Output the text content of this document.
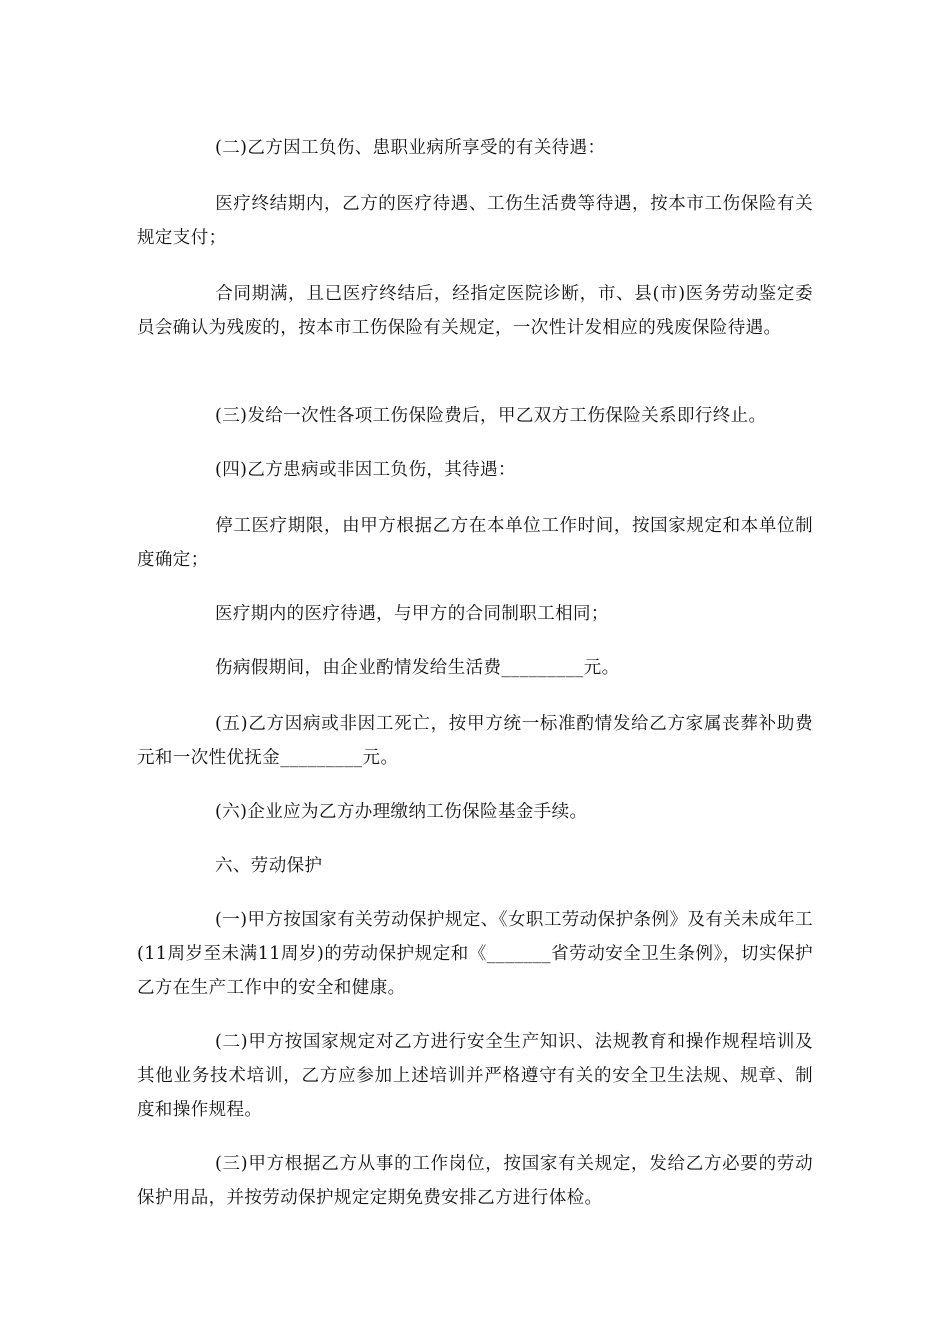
(二)乙方因工负伤、患职业病所享受的有关待遇：

医疗终结期内，乙方的医疗待遇、工伤生活费等待遇，按本市工伤保险有关规定支付；

合同期满，且已医疗终结后，经指定医院诊断，市、县(市)医务劳动鉴定委员会确认为残废的，按本市工伤保险有关规定，一次性计发相应的残废保险待遇。

(三)发给一次性各项工伤保险费后，甲乙双方工伤保险关系即行终止。

(四)乙方患病或非因工负伤，其待遇：

停工医疗期限，由甲方根据乙方在本单位工作时间，按国家规定和本单位制度确定；

医疗期内的医疗待遇，与甲方的合同制职工相同；

伤病假期间，由企业酌情发给生活费_________元。

(五)乙方因病或非因工死亡，按甲方统一标准酌情发给乙方家属丧葬补助费元和一次性优抚金_________元。

(六)企业应为乙方办理缴纳工伤保险基金手续。

六、劳动保护

(一)甲方按国家有关劳动保护规定、《女职工劳动保护条例》及有关未成年工(11周岁至未满11周岁)的劳动保护规定和《_______省劳动安全卫生条例》，切实保护乙方在生产工作中的安全和健康。

(二)甲方按国家规定对乙方进行安全生产知识、法规教育和操作规程培训及其他业务技术培训，乙方应参加上述培训并严格遵守有关的安全卫生法规、规章、制度和操作规程。

(三)甲方根据乙方从事的工作岗位，按国家有关规定，发给乙方必要的劳动保护用品，并按劳动保护规定定期免费安排乙方进行体检。
